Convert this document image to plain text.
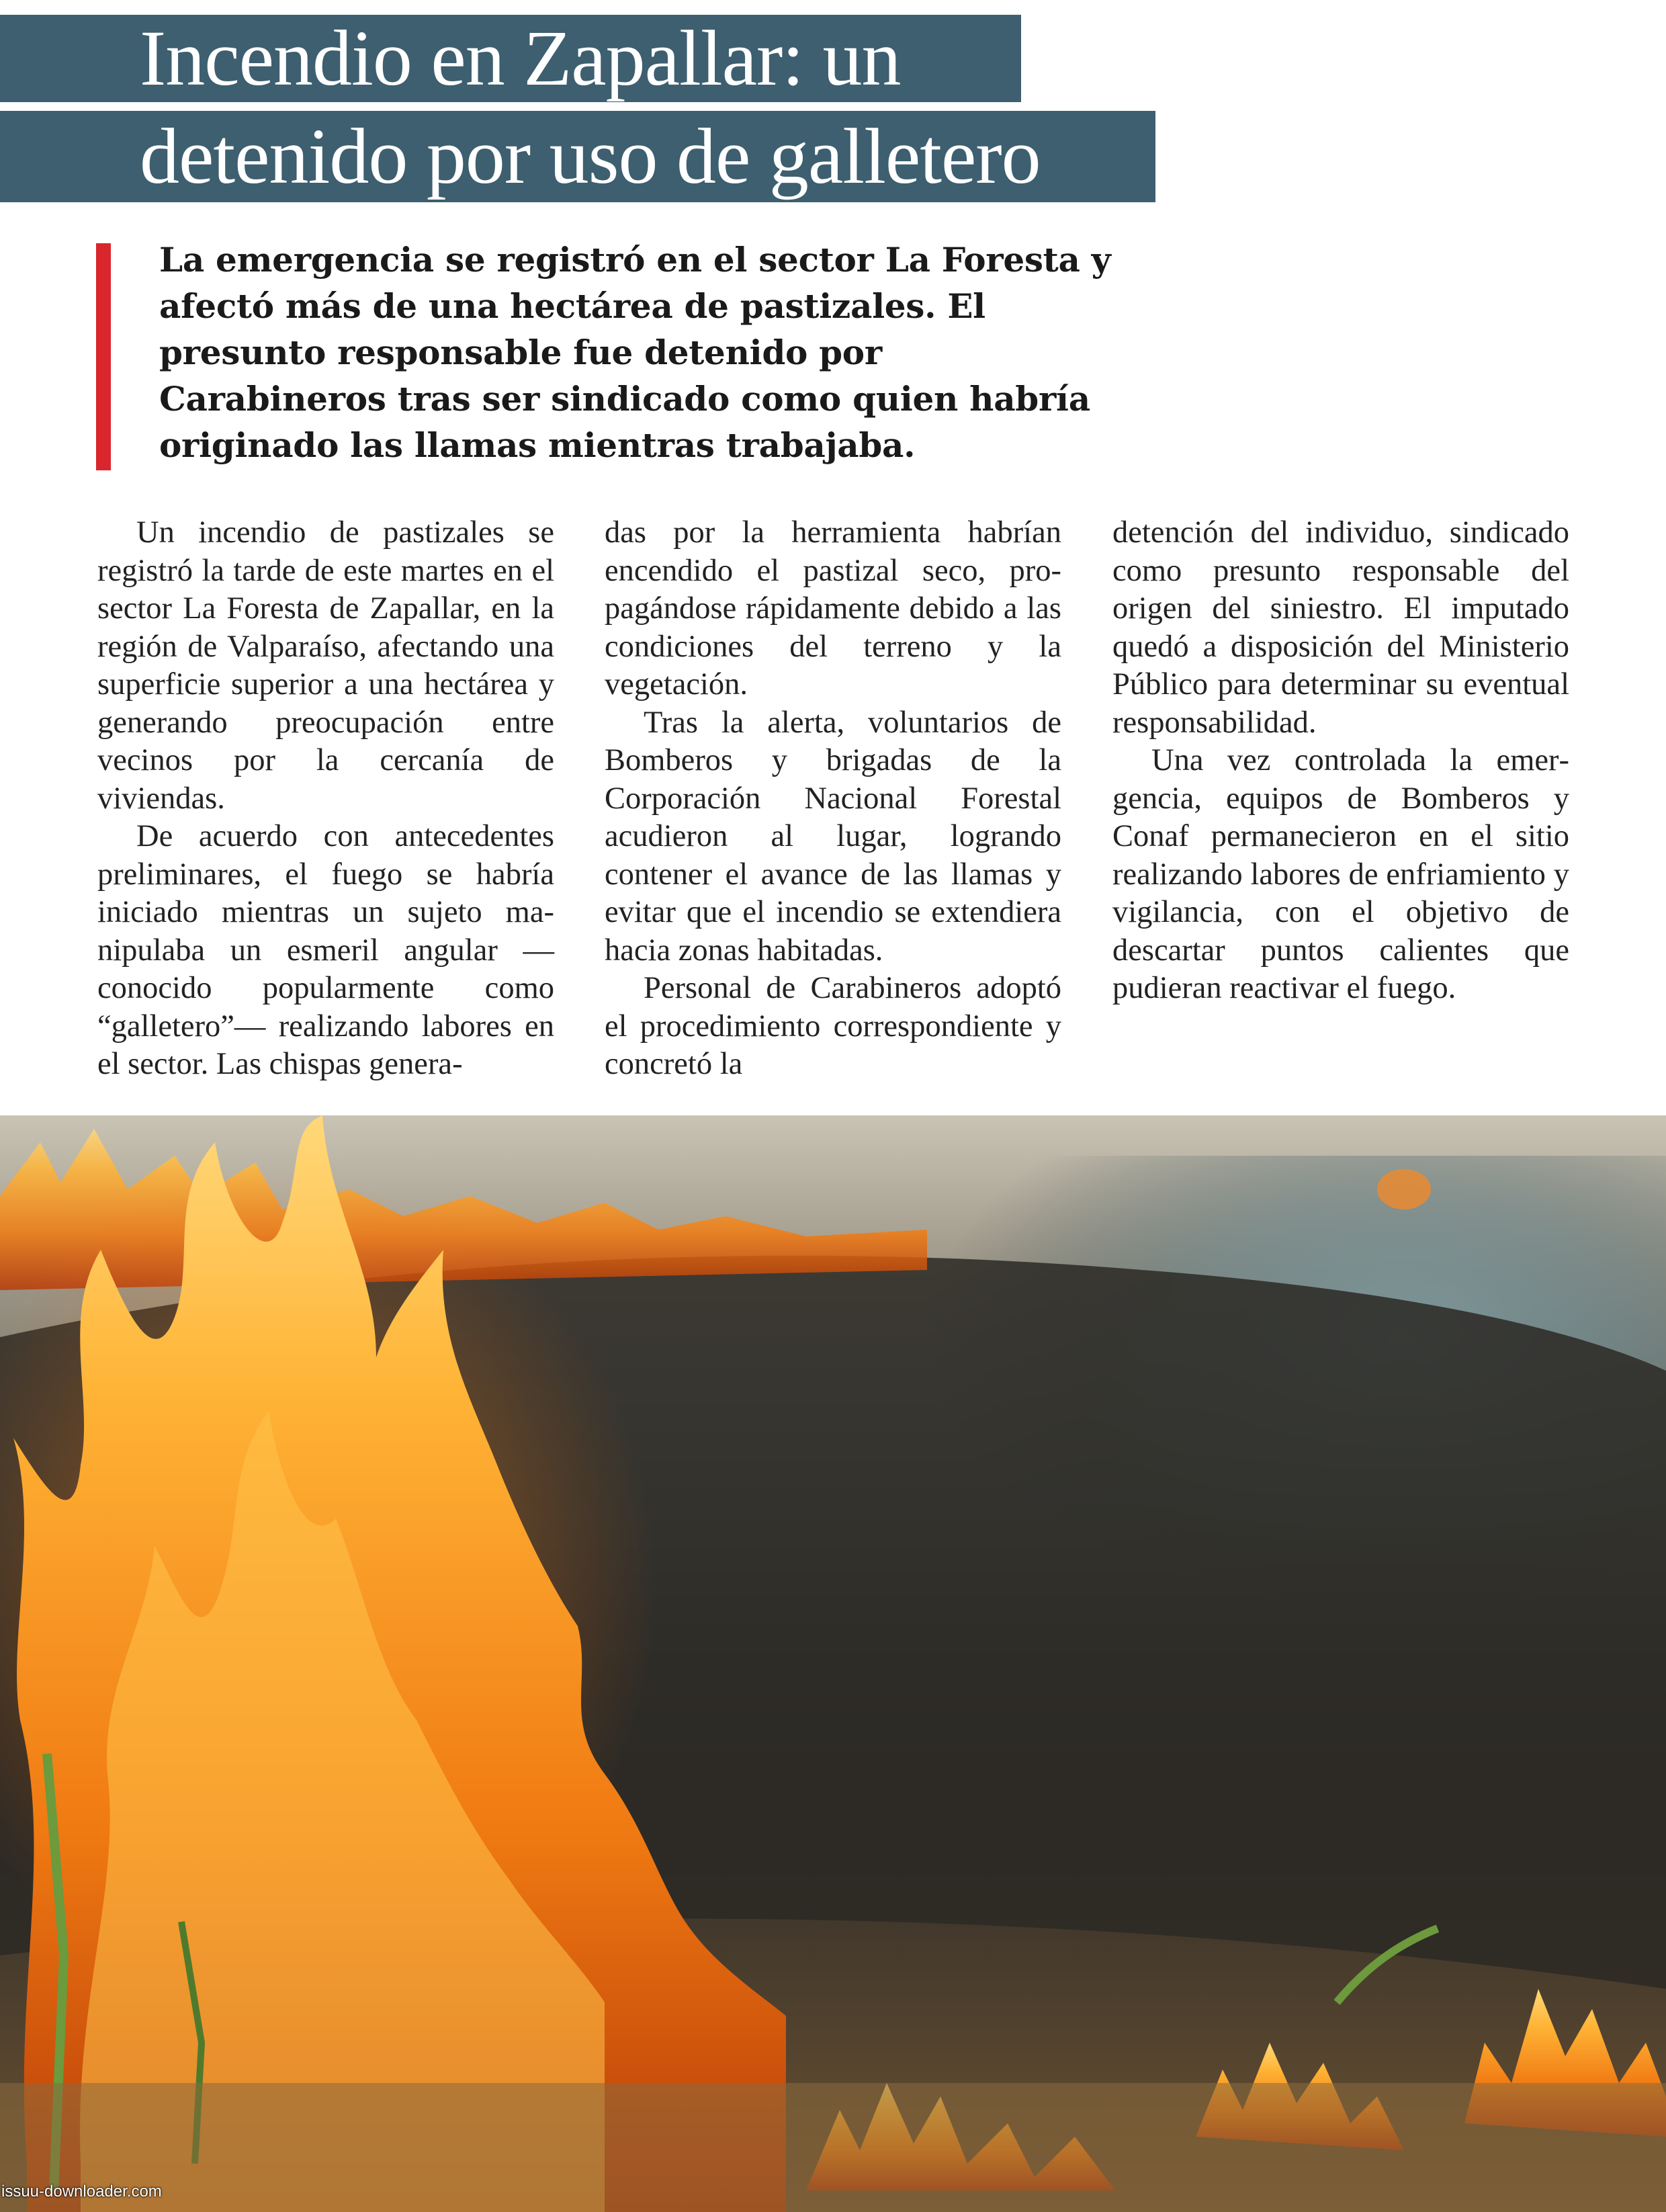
Incendio en Zapallar: un
detenido por uso de galletero

La emergencia se registró en el sector La Foresta y afectó más de una hectárea de pastizales. El presunto responsable fue detenido por Carabineros tras ser sindicado como quien habría originado las llamas mientras trabajaba.

Un incendio de pastizales se registró la tarde de este martes en el sector La Foresta de Zapallar, en la región de Valparaíso, afectando una superficie superior a una hectárea y generando preocupación entre vecinos por la cercanía de viviendas.

De acuerdo con antecedentes preliminares, el fuego se habría iniciado mientras un sujeto manipulaba un esmeril angular —conocido popularmente como “galletero”— realizando labores en el sector. Las chispas genera-

das por la herramienta habrían encendido el pastizal seco, propagándose rápidamente debido a las condiciones del terreno y la vegetación.

Tras la alerta, voluntarios de Bomberos y brigadas de la Corporación Nacional Forestal acudieron al lugar, logrando contener el avance de las llamas y evitar que el incendio se extendiera hacia zonas habitadas.

Personal de Carabineros adoptó el procedimiento correspondiente y concretó la

detención del individuo, sindicado como presunto responsable del origen del siniestro. El imputado quedó a disposición del Ministerio Público para determinar su eventual responsabilidad.

Una vez controlada la emergencia, equipos de Bomberos y Conaf permanecieron en el sitio realizando labores de enfriamiento y vigilancia, con el objetivo de descartar puntos calientes que pudieran reactivar el fuego.

issuu-downloader.com
